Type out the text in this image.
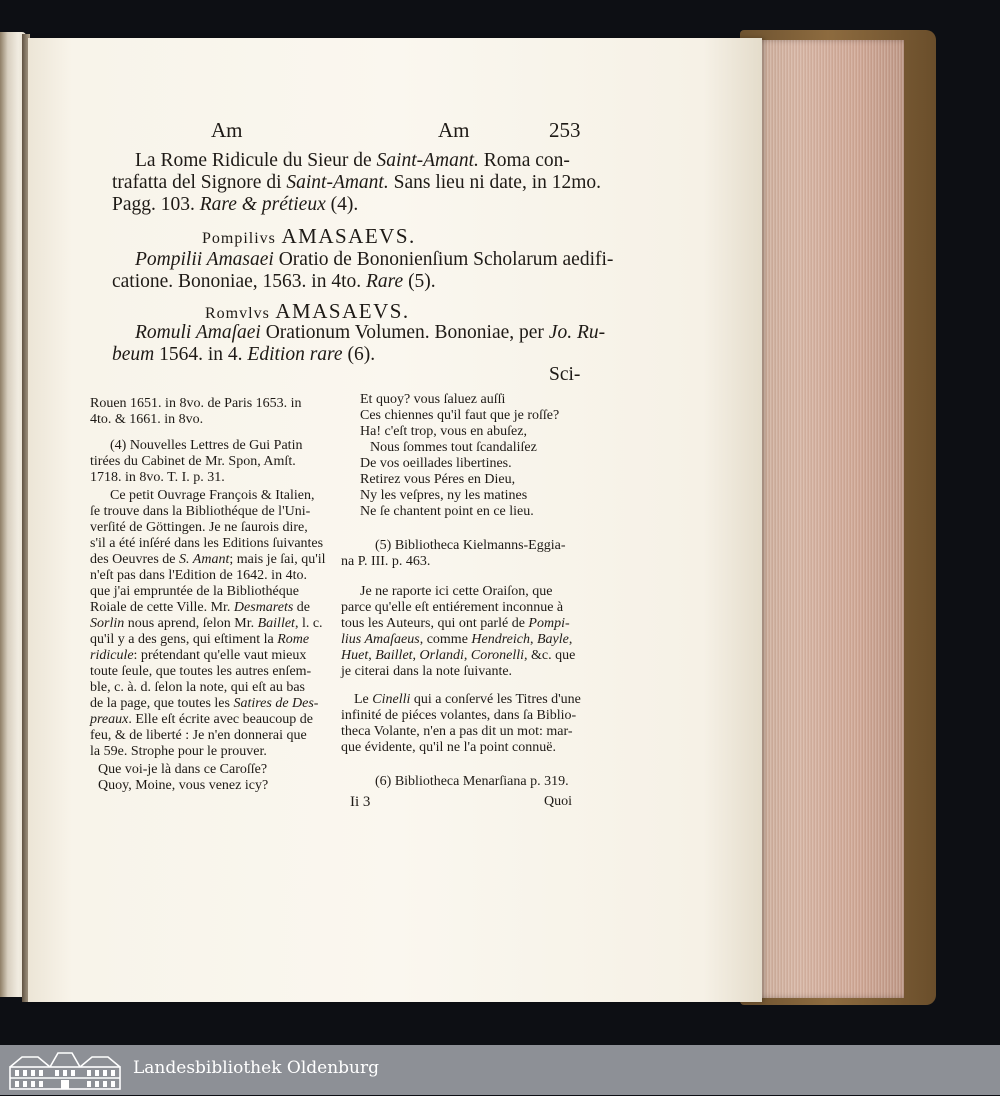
Am	Am	253
La Rome Ridicule du Sieur de Saint-Amant. Roma con-
trafatta del Signore di Saint-Amant. Sans lieu ni date, in 12mo.
Pagg. 103. Rare & prétieux (4).
Pompilivs AMASAEVS.
Pompilii Amasaei Oratio de Bononienſium Scholarum aedifi-
catione. Bononiae, 1563. in 4to. Rare (5).
Romvlvs AMASAEVS.
Romuli Amaſaei Orationum Volumen. Bononiae, per Jo. Ru-
beum 1564. in 4. Edition rare (6).
Sci-
Rouen 1651. in 8vo. de Paris 1653. in
4to. & 1661. in 8vo.
(4) Nouvelles Lettres de Gui Patin
tirées du Cabinet de Mr. Spon, Amſt.
1718. in 8vo. T. I. p. 31.
Ce petit Ouvrage François & Italien,
ſe trouve dans la Bibliothéque de l'Uni-
verſité de Göttingen. Je ne ſaurois dire,
s'il a été inſéré dans les Editions ſuivantes
des Oeuvres de S. Amant; mais je ſai, qu'il
n'eſt pas dans l'Edition de 1642. in 4to.
que j'ai empruntée de la Bibliothéque
Roiale de cette Ville. Mr. Desmarets de
Sorlin nous aprend, ſelon Mr. Baillet, l. c.
qu'il y a des gens, qui eſtiment la Rome
ridicule: prétendant qu'elle vaut mieux
toute ſeule, que toutes les autres enſem-
ble, c. à. d. ſelon la note, qui eſt au bas
de la page, que toutes les Satires de Des-
preaux. Elle eſt écrite avec beaucoup de
feu, & de liberté : Je n'en donnerai que
la 59e. Strophe pour le prouver.
Que voi-je là dans ce Caroſſe?
Quoy, Moine, vous venez icy?
Et quoy? vous ſaluez auſſi
Ces chiennes qu'il faut que je roſſe?
Ha! c'eſt trop, vous en abuſez,
Nous ſommes tout ſcandaliſez
De vos oeillades libertines.
Retirez vous Péres en Dieu,
Ny les veſpres, ny les matines
Ne ſe chantent point en ce lieu.
(5) Bibliotheca Kielmanns-Eggia-
na P. III. p. 463.
Je ne raporte ici cette Oraiſon, que
parce qu'elle eſt entiérement inconnue à
tous les Auteurs, qui ont parlé de Pompi-
lius Amaſaeus, comme Hendreich, Bayle,
Huet, Baillet, Orlandi, Coronelli, &c. que
je citerai dans la note ſuivante.
Le Cinelli qui a conſervé les Titres d'une
infinité de piéces volantes, dans ſa Biblio-
theca Volante, n'en a pas dit un mot: mar-
que évidente, qu'il ne l'a point connuë.
(6) Bibliotheca Menarſiana p. 319.
Ii 3	Quoi
Landesbibliothek Oldenburg
